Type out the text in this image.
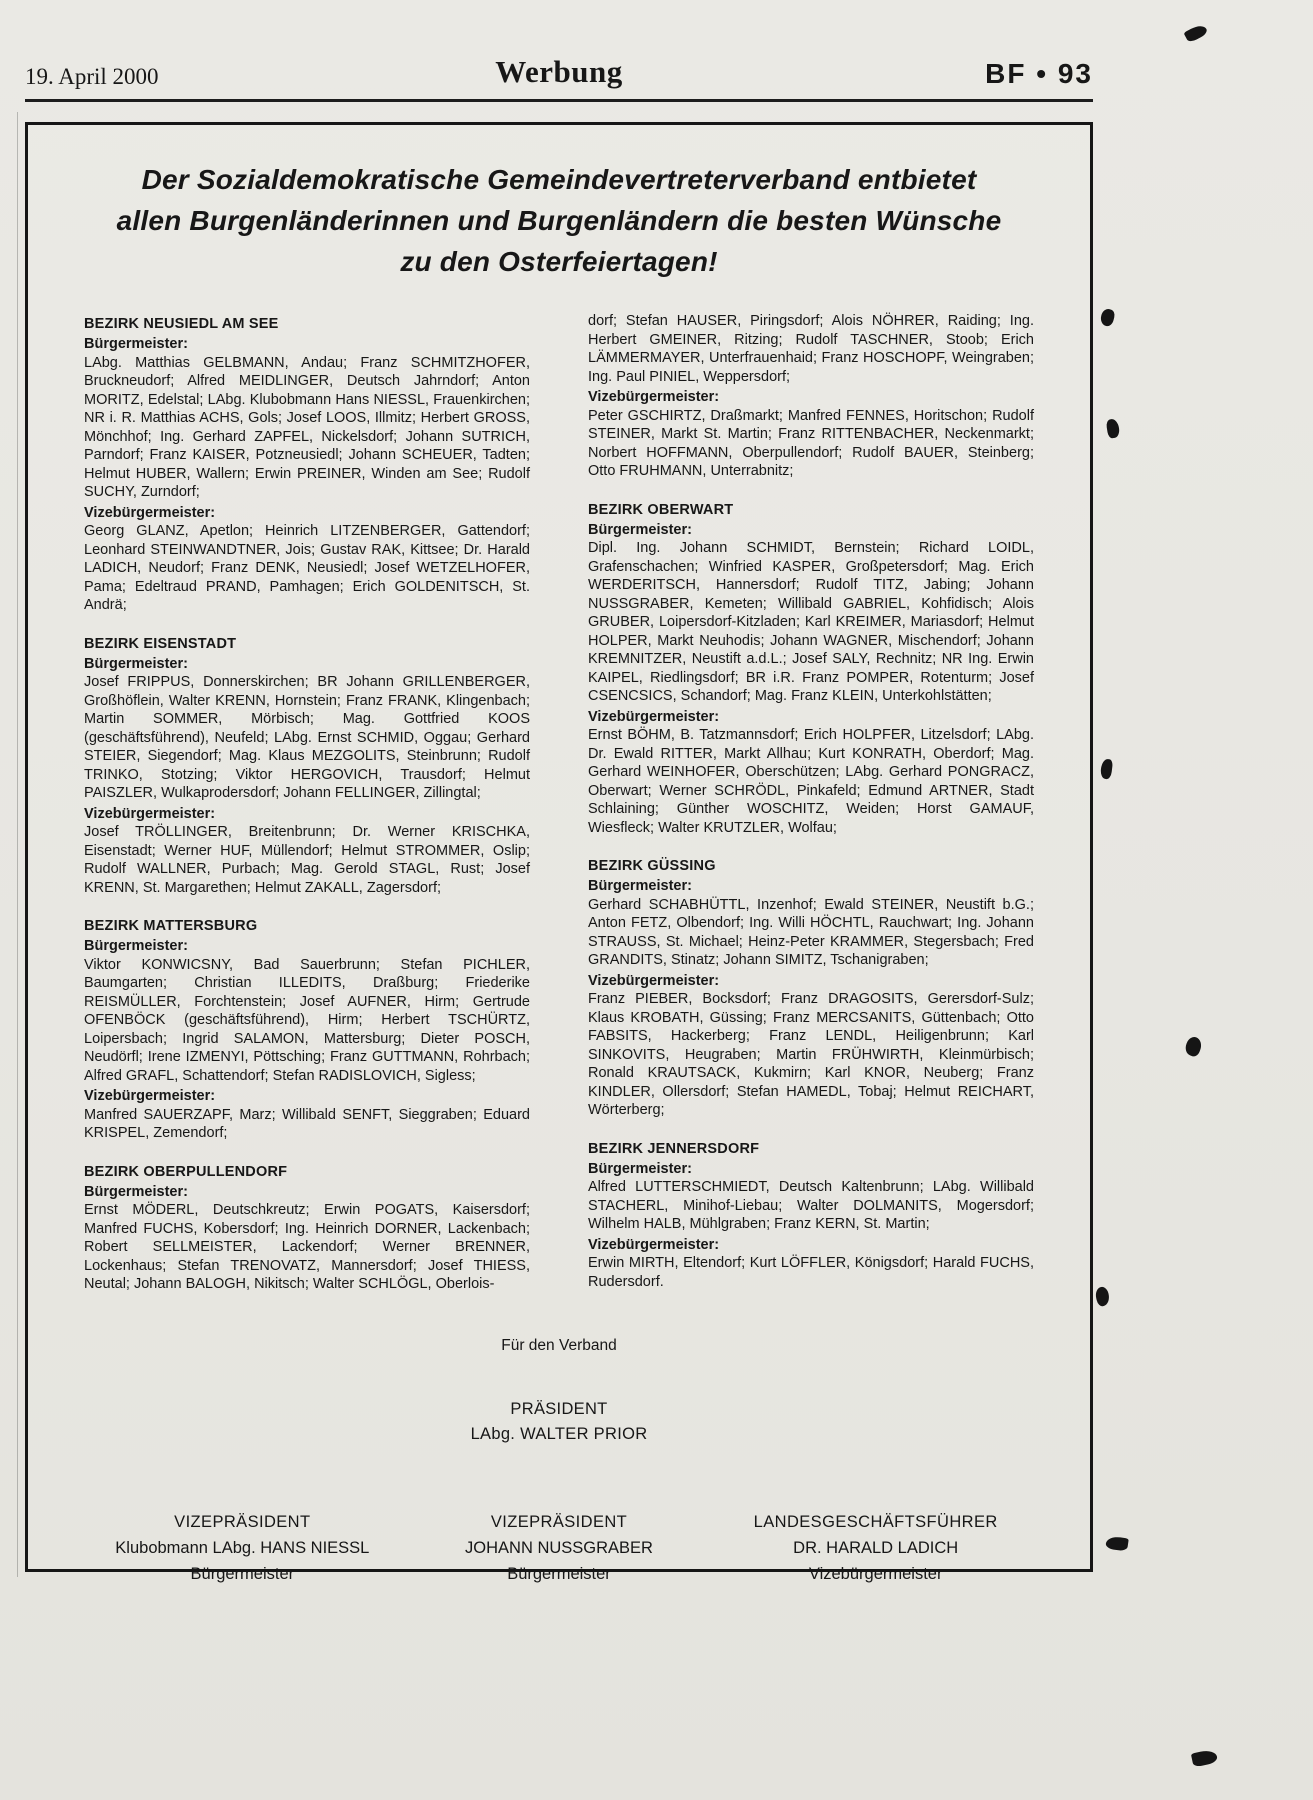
19. April 2000	Werbung	BF • 93
Der Sozialdemokratische Gemeindevertreterverband entbietet
allen Burgenländerinnen und Burgenländern die besten Wünsche
zu den Osterfeiertagen!
BEZIRK NEUSIEDL AM SEE

Bürgermeister:

LAbg. Matthias GELBMANN, Andau; Franz SCHMITZHOFER, Bruckneudorf; Alfred MEIDLINGER, Deutsch Jahrndorf; Anton MORITZ, Edelstal; LAbg. Klubobmann Hans NIESSL, Frauenkirchen; NR i. R. Matthias ACHS, Gols; Josef LOOS, Illmitz; Herbert GROSS, Mönchhof; Ing. Gerhard ZAPFEL, Nickelsdorf; Johann SUTRICH, Parndorf; Franz KAISER, Potzneusiedl; Johann SCHEUER, Tadten; Helmut HUBER, Wallern; Erwin PREINER, Winden am See; Rudolf SUCHY, Zurndorf;

Vizebürgermeister:

Georg GLANZ, Apetlon; Heinrich LITZENBERGER, Gattendorf; Leonhard STEINWANDTNER, Jois; Gustav RAK, Kittsee; Dr. Harald LADICH, Neudorf; Franz DENK, Neusiedl; Josef WETZELHOFER, Pama; Edeltraud PRAND, Pamhagen; Erich GOLDENITSCH, St. Andrä;

BEZIRK EISENSTADT

Bürgermeister:

Josef FRIPPUS, Donnerskirchen; BR Johann GRILLENBERGER, Großhöflein, Walter KRENN, Hornstein; Franz FRANK, Klingenbach; Martin SOMMER, Mörbisch; Mag. Gottfried KOOS (geschäftsführend), Neufeld; LAbg. Ernst SCHMID, Oggau; Gerhard STEIER, Siegendorf; Mag. Klaus MEZGOLITS, Steinbrunn; Rudolf TRINKO, Stotzing; Viktor HERGOVICH, Trausdorf; Helmut PAISZLER, Wulkaprodersdorf; Johann FELLINGER, Zillingtal;

Vizebürgermeister:

Josef TRÖLLINGER, Breitenbrunn; Dr. Werner KRISCHKA, Eisenstadt; Werner HUF, Müllendorf; Helmut STROMMER, Oslip; Rudolf WALLNER, Purbach; Mag. Gerold STAGL, Rust; Josef KRENN, St. Margarethen; Helmut ZAKALL, Zagersdorf;

BEZIRK MATTERSBURG

Bürgermeister:

Viktor KONWICSNY, Bad Sauerbrunn; Stefan PICHLER, Baumgarten; Christian ILLEDITS, Draßburg; Friederike REISMÜLLER, Forchtenstein; Josef AUFNER, Hirm; Gertrude OFENBÖCK (geschäftsführend), Hirm; Herbert TSCHÜRTZ, Loipersbach; Ingrid SALAMON, Mattersburg; Dieter POSCH, Neudörfl; Irene IZMENYI, Pöttsching; Franz GUTTMANN, Rohrbach; Alfred GRAFL, Schattendorf; Stefan RADISLOVICH, Sigless;

Vizebürgermeister:

Manfred SAUERZAPF, Marz; Willibald SENFT, Sieggraben; Eduard KRISPEL, Zemendorf;

BEZIRK OBERPULLENDORF

Bürgermeister:

Ernst MÖDERL, Deutschkreutz; Erwin POGATS, Kaisersdorf; Manfred FUCHS, Kobersdorf; Ing. Heinrich DORNER, Lackenbach; Robert SELLMEISTER, Lackendorf; Werner BRENNER, Lockenhaus; Stefan TRENOVATZ, Mannersdorf; Josef THIESS, Neutal; Johann BALOGH, Nikitsch; Walter SCHLÖGL, Oberlois-

dorf; Stefan HAUSER, Piringsdorf; Alois NÖHRER, Raiding; Ing. Herbert GMEINER, Ritzing; Rudolf TASCHNER, Stoob; Erich LÄMMERMAYER, Unterfrauenhaid; Franz HOSCHOPF, Weingraben; Ing. Paul PINIEL, Weppersdorf;

Vizebürgermeister:

Peter GSCHIRTZ, Draßmarkt; Manfred FENNES, Horitschon; Rudolf STEINER, Markt St. Martin; Franz RITTENBACHER, Neckenmarkt; Norbert HOFFMANN, Oberpullendorf; Rudolf BAUER, Steinberg; Otto FRUHMANN, Unterrabnitz;

BEZIRK OBERWART

Bürgermeister:

Dipl. Ing. Johann SCHMIDT, Bernstein; Richard LOIDL, Grafenschachen; Winfried KASPER, Großpetersdorf; Mag. Erich WERDERITSCH, Hannersdorf; Rudolf TITZ, Jabing; Johann NUSSGRABER, Kemeten; Willibald GABRIEL, Kohfidisch; Alois GRUBER, Loipersdorf-Kitzladen; Karl KREIMER, Mariasdorf; Helmut HOLPER, Markt Neuhodis; Johann WAGNER, Mischendorf; Johann KREMNITZER, Neustift a.d.L.; Josef SALY, Rechnitz; NR Ing. Erwin KAIPEL, Riedlingsdorf; BR i.R. Franz POMPER, Rotenturm; Josef CSENCSICS, Schandorf; Mag. Franz KLEIN, Unterkohlstätten;

Vizebürgermeister:

Ernst BÖHM, B. Tatzmannsdorf; Erich HOLPFER, Litzelsdorf; LAbg. Dr. Ewald RITTER, Markt Allhau; Kurt KONRATH, Oberdorf; Mag. Gerhard WEINHOFER, Oberschützen; LAbg. Gerhard PONGRACZ, Oberwart; Werner SCHRÖDL, Pinkafeld; Edmund ARTNER, Stadt Schlaining; Günther WOSCHITZ, Weiden; Horst GAMAUF, Wiesfleck; Walter KRUTZLER, Wolfau;

BEZIRK GÜSSING

Bürgermeister:

Gerhard SCHABHÜTTL, Inzenhof; Ewald STEINER, Neustift b.G.; Anton FETZ, Olbendorf; Ing. Willi HÖCHTL, Rauchwart; Ing. Johann STRAUSS, St. Michael; Heinz-Peter KRAMMER, Stegersbach; Fred GRANDITS, Stinatz; Johann SIMITZ, Tschanigraben;

Vizebürgermeister:

Franz PIEBER, Bocksdorf; Franz DRAGOSITS, Gerersdorf-Sulz; Klaus KROBATH, Güssing; Franz MERCSANITS, Güttenbach; Otto FABSITS, Hackerberg; Franz LENDL, Heiligenbrunn; Karl SINKOVITS, Heugraben; Martin FRÜHWIRTH, Kleinmürbisch; Ronald KRAUTSACK, Kukmirn; Karl KNOR, Neuberg; Franz KINDLER, Ollersdorf; Stefan HAMEDL, Tobaj; Helmut REICHART, Wörterberg;

BEZIRK JENNERSDORF

Bürgermeister:

Alfred LUTTERSCHMIEDT, Deutsch Kaltenbrunn; LAbg. Willibald STACHERL, Minihof-Liebau; Walter DOLMANITS, Mogersdorf; Wilhelm HALB, Mühlgraben; Franz KERN, St. Martin;

Vizebürgermeister:

Erwin MIRTH, Eltendorf; Kurt LÖFFLER, Königsdorf; Harald FUCHS, Rudersdorf.

Für den Verband
PRÄSIDENT
LAbg. WALTER PRIOR
VIZEPRÄSIDENT
Klubobmann LAbg. HANS NIESSL
Bürgermeister
VIZEPRÄSIDENT
JOHANN NUSSGRABER
Bürgermeister
LANDESGESCHÄFTSFÜHRER
DR. HARALD LADICH
Vizebürgermeister
